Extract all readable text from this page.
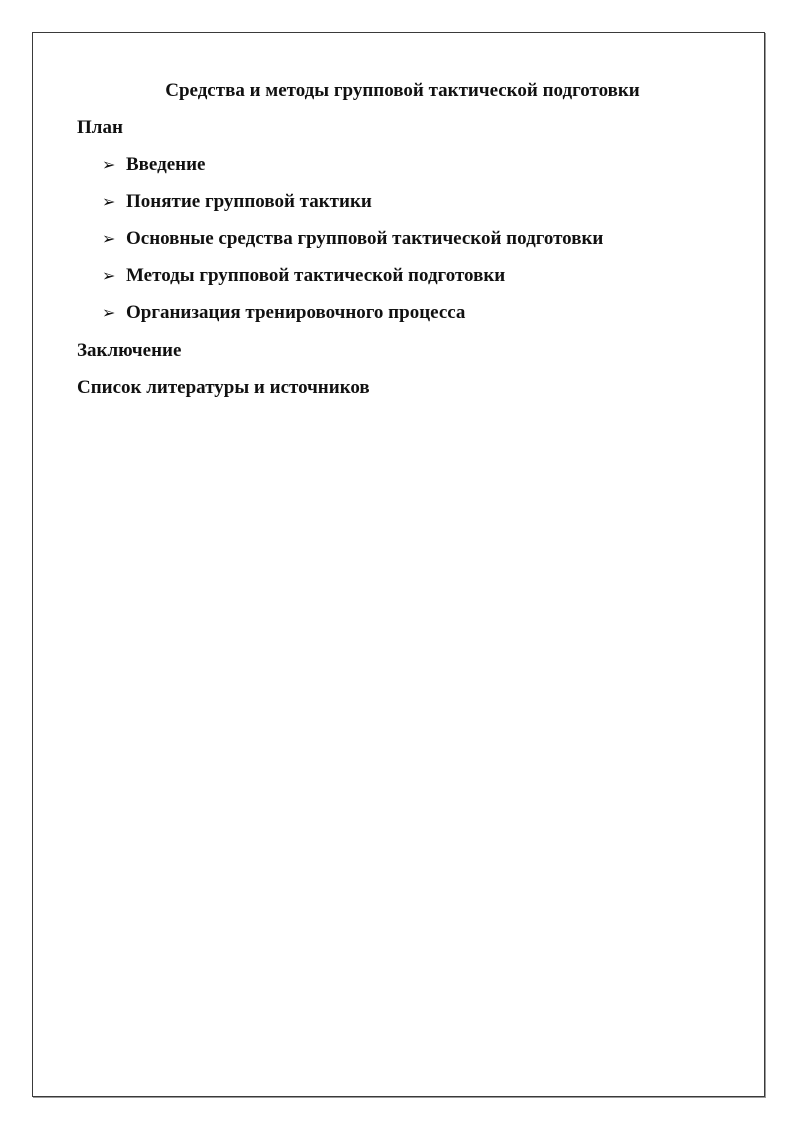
Средства и методы групповой тактической подготовки
План
➢ Введение
➢ Понятие групповой тактики
➢ Основные средства групповой тактической подготовки
➢ Методы групповой тактической подготовки
➢ Организация тренировочного процесса
Заключение
Список литературы и источников
